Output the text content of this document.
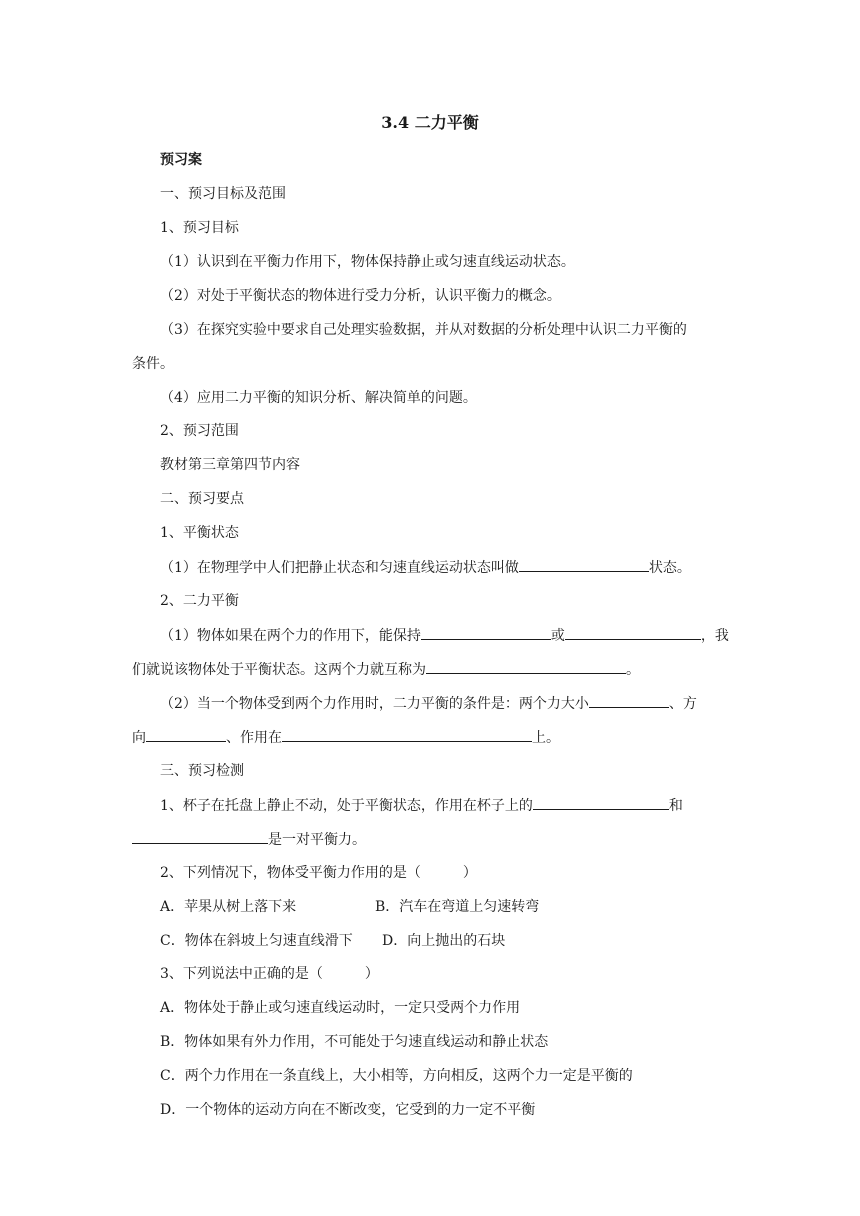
3.4 二力平衡
预习案
一、预习目标及范围
1、预习目标
（1）认识到在平衡力作用下，物体保持静止或匀速直线运动状态。
（2）对处于平衡状态的物体进行受力分析，认识平衡力的概念。
（3）在探究实验中要求自己处理实验数据，并从对数据的分析处理中认识二力平衡的
条件。
（4）应用二力平衡的知识分析、解决简单的问题。
2、预习范围
教材第三章第四节内容
二、预习要点
1、平衡状态
（1）在物理学中人们把静止状态和匀速直线运动状态叫做	状态。
2、二力平衡
（1）物体如果在两个力的作用下，能保持	或	，我
们就说该物体处于平衡状态。这两个力就互称为	。
（2）当一个物体受到两个力作用时，二力平衡的条件是：两个力大小	、方
向	、作用在	上。
三、预习检测
1、杯子在托盘上静止不动，处于平衡状态，作用在杯子上的	和
是一对平衡力。
2、下列情况下，物体受平衡力作用的是（　　　）
A．苹果从树上落下来	B．汽车在弯道上匀速转弯
C．物体在斜坡上匀速直线滑下 D．向上抛出的石块
3、下列说法中正确的是（　　　）
A．物体处于静止或匀速直线运动时，一定只受两个力作用
B．物体如果有外力作用，不可能处于匀速直线运动和静止状态
C．两个力作用在一条直线上，大小相等，方向相反，这两个力一定是平衡的
D．一个物体的运动方向在不断改变，它受到的力一定不平衡
